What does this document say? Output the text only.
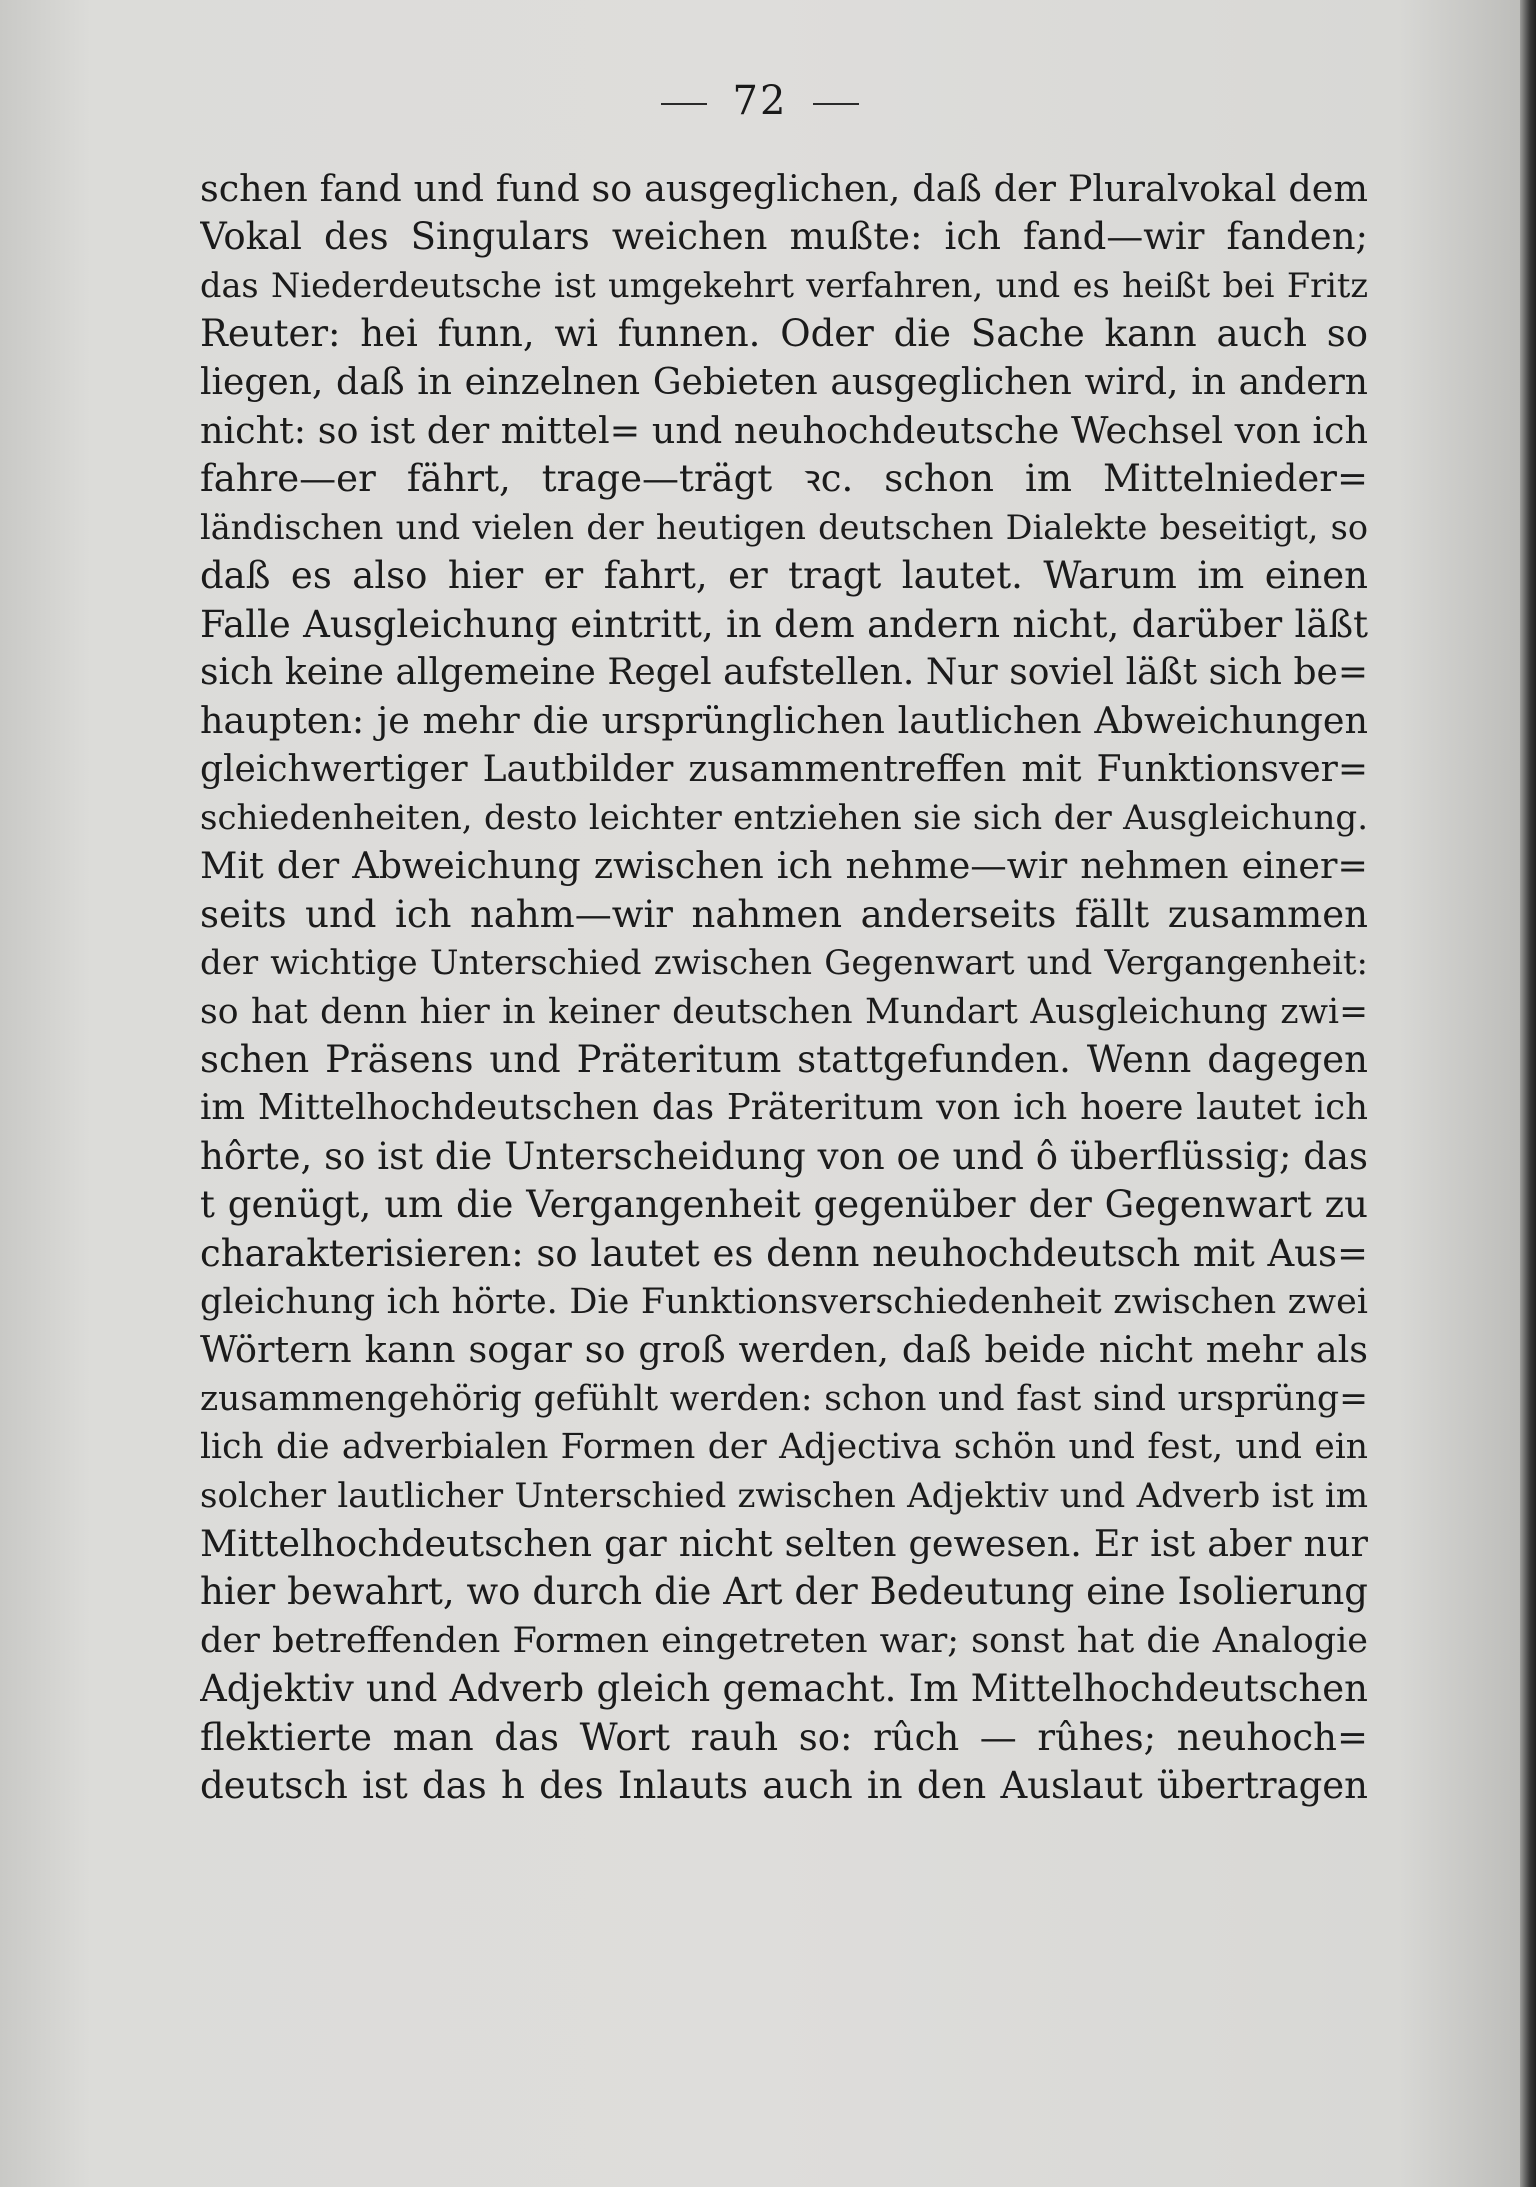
72
schen fand und fund so ausgeglichen, daß der Pluralvokal dem
Vokal des Singulars weichen mußte: ich fand—wir fanden;
das Niederdeutsche ist umgekehrt verfahren, und es heißt bei Fritz
Reuter: hei funn, wi funnen. Oder die Sache kann auch so
liegen, daß in einzelnen Gebieten ausgeglichen wird, in andern
nicht: so ist der mittel= und neuhochdeutsche Wechsel von ich
fahre—er fährt, trage—trägt ꝛc. schon im Mittelnieder=
ländischen und vielen der heutigen deutschen Dialekte beseitigt, so
daß es also hier er fahrt, er tragt lautet. Warum im einen
Falle Ausgleichung eintritt, in dem andern nicht, darüber läßt
sich keine allgemeine Regel aufstellen. Nur soviel läßt sich be=
haupten: je mehr die ursprünglichen lautlichen Abweichungen
gleichwertiger Lautbilder zusammentreffen mit Funktionsver=
schiedenheiten, desto leichter entziehen sie sich der Ausgleichung.
Mit der Abweichung zwischen ich nehme—wir nehmen einer=
seits und ich nahm—wir nahmen anderseits fällt zusammen
der wichtige Unterschied zwischen Gegenwart und Vergangenheit:
so hat denn hier in keiner deutschen Mundart Ausgleichung zwi=
schen Präsens und Präteritum stattgefunden. Wenn dagegen
im Mittelhochdeutschen das Präteritum von ich hoere lautet ich
hôrte, so ist die Unterscheidung von oe und ô überflüssig; das
t genügt, um die Vergangenheit gegenüber der Gegenwart zu
charakterisieren: so lautet es denn neuhochdeutsch mit Aus=
gleichung ich hörte. Die Funktionsverschiedenheit zwischen zwei
Wörtern kann sogar so groß werden, daß beide nicht mehr als
zusammengehörig gefühlt werden: schon und fast sind ursprüng=
lich die adverbialen Formen der Adjectiva schön und fest, und ein
solcher lautlicher Unterschied zwischen Adjektiv und Adverb ist im
Mittelhochdeutschen gar nicht selten gewesen. Er ist aber nur
hier bewahrt, wo durch die Art der Bedeutung eine Isolierung
der betreffenden Formen eingetreten war; sonst hat die Analogie
Adjektiv und Adverb gleich gemacht. Im Mittelhochdeutschen
flektierte man das Wort rauh so: rûch — rûhes; neuhoch=
deutsch ist das h des Inlauts auch in den Auslaut übertragen
